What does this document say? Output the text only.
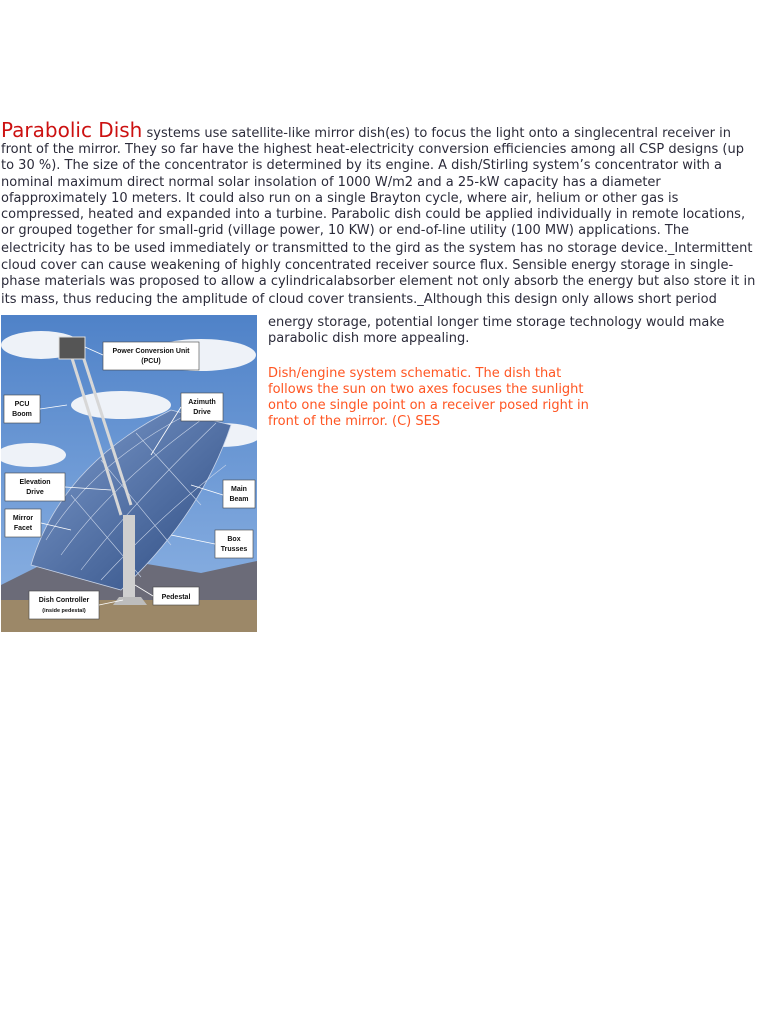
Parabolic Dish systems use satellite-like mirror dish(es) to focus the light onto a singlecentral receiver in
front of the mirror. They so far have the highest heat-electricity conversion efficiencies among all CSP designs (up
to 30 %). The size of the concentrator is determined by its engine. A dish/Stirling system’s concentrator with a
nominal maximum direct normal solar insolation of 1000 W/m2 and a 25-kW capacity has a diameter
ofapproximately 10 meters. It could also run on a single Brayton cycle, where air, helium or other gas is
compressed, heated and expanded into a turbine. Parabolic dish could be applied individually in remote locations,
or grouped together for small-grid (village power, 10 KW) or end-of-line utility (100 MW) applications. The
electricity has to be used immediately or transmitted to the gird as the system has no storage device._Intermittent
cloud cover can cause weakening of highly concentrated receiver source flux. Sensible energy storage in single-
phase materials was proposed to allow a cylindricalabsorber element not only absorb the energy but also store it in
its mass, thus reducing the amplitude of cloud cover transients._Although this design only allows short period
energy storage, potential longer time storage technology would make
parabolic dish more appealing.
Dish/engine system schematic. The dish that
follows the sun on two axes focuses the sunlight
onto one single point on a receiver posed right in
front of the mirror. (C) SES
Power Conversion Unit
(PCU)
PCU
Boom
Azimuth
Drive
Elevation
Drive	Main
Beam
Mirror
Facet
Box
Trusses
Pedestal
Dish Controller
(inside pedestal)
